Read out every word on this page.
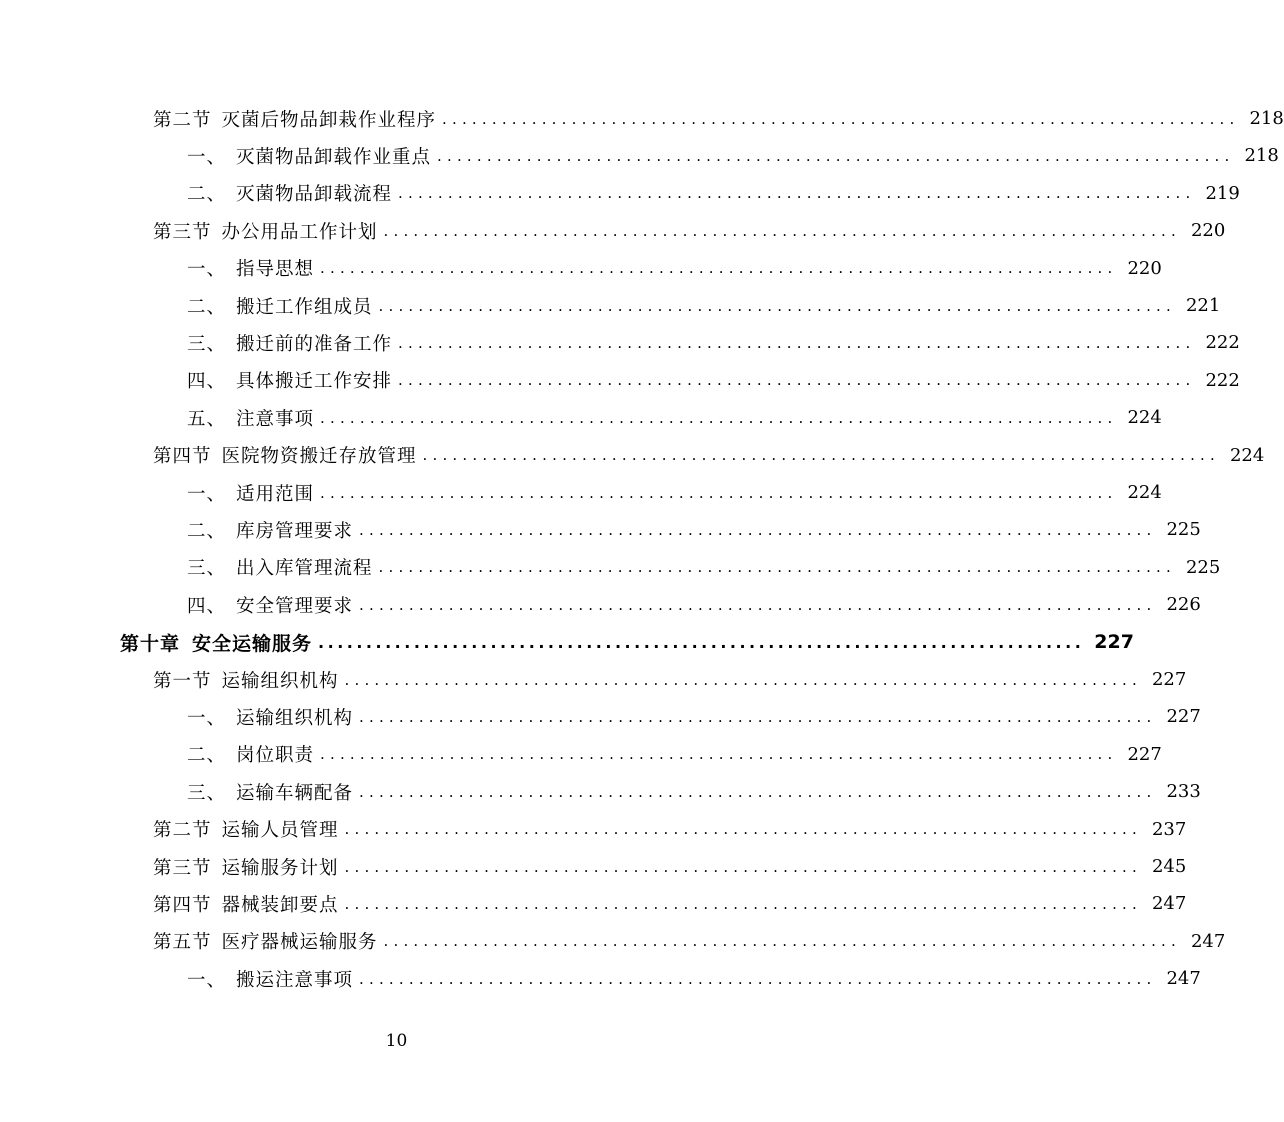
第二节 灭菌后物品卸栽作业程序 ................................................................................ 218
一、 灭菌物品卸载作业重点 ................................................................................ 218
二、 灭菌物品卸载流程 ................................................................................ 219
第三节 办公用品工作计划 ................................................................................ 220
一、 指导思想 ................................................................................ 220
二、 搬迁工作组成员 ................................................................................ 221
三、 搬迁前的准备工作 ................................................................................ 222
四、 具体搬迁工作安排 ................................................................................ 222
五、 注意事项 ................................................................................ 224
第四节 医院物资搬迁存放管理 ................................................................................ 224
一、 适用范围 ................................................................................ 224
二、 库房管理要求 ................................................................................ 225
三、 出入库管理流程 ................................................................................ 225
四、 安全管理要求 ................................................................................ 226
第十章 安全运输服务 ................................................................................ 227
第一节 运输组织机构 ................................................................................ 227
一、 运输组织机构 ................................................................................ 227
二、 岗位职责 ................................................................................ 227
三、 运输车辆配备 ................................................................................ 233
第二节 运输人员管理 ................................................................................ 237
第三节 运输服务计划 ................................................................................ 245
第四节 器械装卸要点 ................................................................................ 247
第五节 医疗器械运输服务 ................................................................................ 247
一、 搬运注意事项 ................................................................................ 247
10
